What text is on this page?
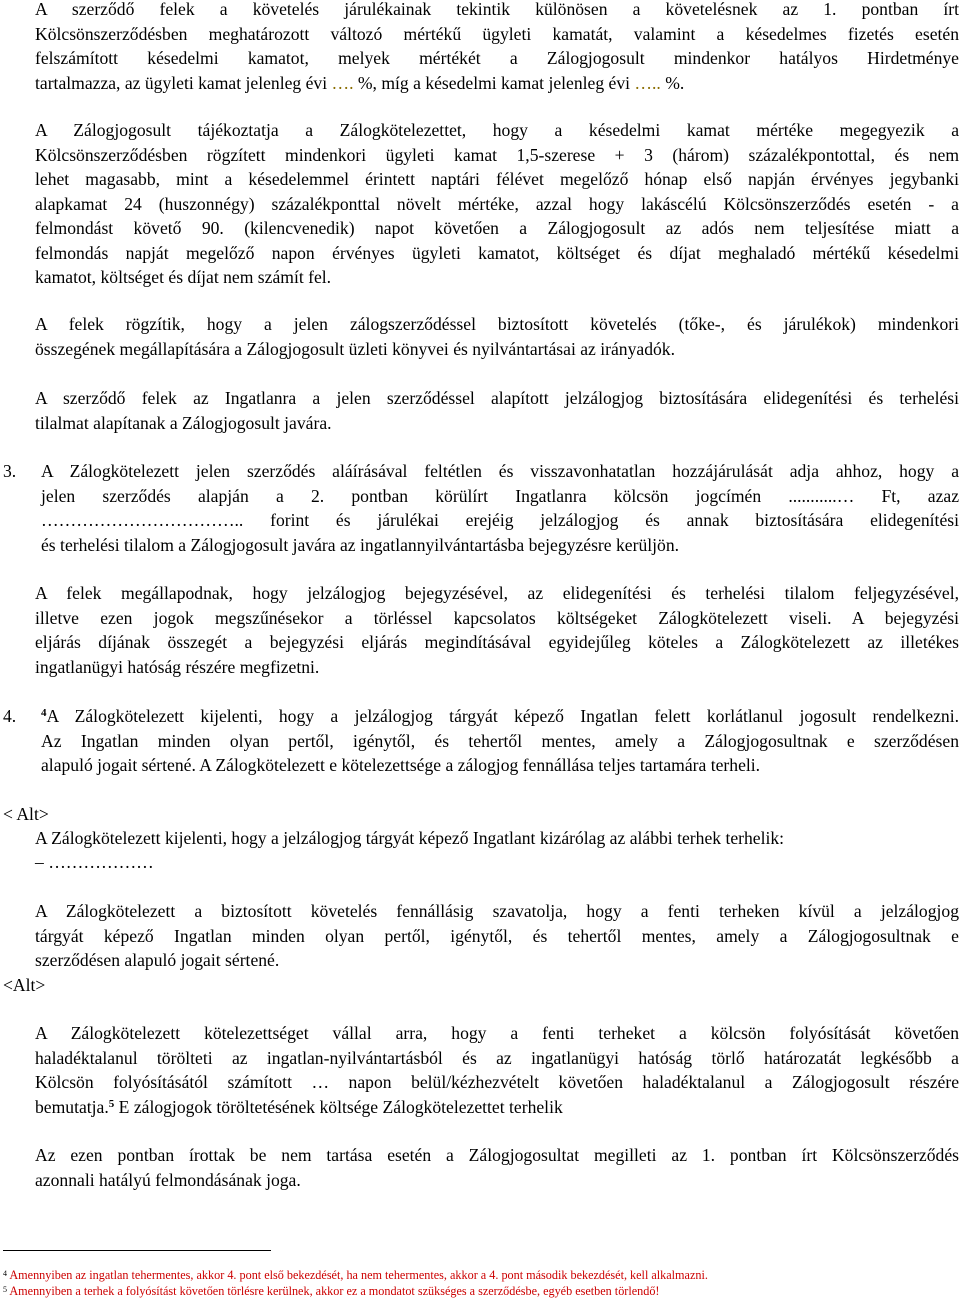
A szerződő felek a követelés járulékainak tekintik különösen a követelésnek az 1. pontban írt
Kölcsönszerződésben meghatározott változó mértékű ügyleti kamatát, valamint a késedelmes fizetés esetén
felszámított késedelmi kamatot, melyek mértékét a Zálogjogosult mindenkor hatályos Hirdetménye
tartalmazza, az ügyleti kamat jelenleg évi …. %, míg a késedelmi kamat jelenleg évi ….. %.
A Zálogjogosult tájékoztatja a Zálogkötelezettet, hogy a késedelmi kamat mértéke megegyezik a
Kölcsönszerződésben rögzített mindenkori ügyleti kamat 1,5-szerese + 3 (három) százalékpontottal, és nem
lehet magasabb, mint a késedelemmel érintett naptári félévet megelőző hónap első napján érvényes jegybanki
alapkamat 24 (huszonnégy) százalékponttal növelt mértéke, azzal hogy lakáscélú Kölcsönszerződés esetén - a
felmondást követő 90. (kilencvenedik) napot követően a Zálogjogosult az adós nem teljesítése miatt a
felmondás napját megelőző napon érvényes ügyleti kamatot, költséget és díjat meghaladó mértékű késedelmi
kamatot, költséget és díjat nem számít fel.
A felek rögzítik, hogy a jelen zálogszerződéssel biztosított követelés (tőke-, és járulékok) mindenkori
összegének megállapítására a Zálogjogosult üzleti könyvei és nyilvántartásai az irányadók.
A szerződő felek az Ingatlanra a jelen szerződéssel alapított jelzálogjog biztosítására elidegenítési és terhelési
tilalmat alapítanak a Zálogjogosult javára.
3. A Zálogkötelezett jelen szerződés aláírásával feltétlen és visszavonhatatlan hozzájárulását adja ahhoz, hogy a
jelen szerződés alapján a 2. pontban körülírt Ingatlanra kölcsön jogcímén ...........… Ft, azaz
…………………………….. forint és járulékai erejéig jelzálogjog és annak biztosítására elidegenítési
és terhelési tilalom a Zálogjogosult javára az ingatlannyilvántartásba bejegyzésre kerüljön.
A felek megállapodnak, hogy jelzálogjog bejegyzésével, az elidegenítési és terhelési tilalom feljegyzésével,
illetve ezen jogok megszűnésekor a törléssel kapcsolatos költségeket Zálogkötelezett viseli. A bejegyzési
eljárás díjának összegét a bejegyzési eljárás megindításával egyidejűleg köteles a Zálogkötelezett az illetékes
ingatlanügyi hatóság részére megfizetni.
4. $^4$A Zálogkötelezett kijelenti, hogy a jelzálogjog tárgyát képező Ingatlan felett korlátlanul jogosult rendelkezni.
Az Ingatlan minden olyan pertől, igénytől, és tehertől mentes, amely a Zálogjogosultnak e szerződésen
alapuló jogait sértené. A Zálogkötelezett e kötelezettsége a zálogjog fennállása teljes tartamára terheli.
< Alt>
A Zálogkötelezett kijelenti, hogy a jelzálogjog tárgyát képező Ingatlant kizárólag az alábbi terhek terhelik:
– ………………
A Zálogkötelezett a biztosított követelés fennállásig szavatolja, hogy a fenti terheken kívül a jelzálogjog
tárgyát képező Ingatlan minden olyan pertől, igénytől, és tehertől mentes, amely a Zálogjogosultnak e
szerződésen alapuló jogait sértené.
<Alt>
A Zálogkötelezett kötelezettséget vállal arra, hogy a fenti terheket a kölcsön folyósítását követően
haladéktalanul törölteti az ingatlan-nyilvántartásból és az ingatlanügyi hatóság törlő határozatát legkésőbb a
Kölcsön folyósításától számított … napon belül/kézhezvételt követően haladéktalanul a Zálogjogosult részére
bemutatja.$^5$ E zálogjogok töröltetésének költsége Zálogkötelezettet terhelik
Az ezen pontban írottak be nem tartása esetén a Zálogjogosultat megilleti az 1. pontban írt Kölcsönszerződés
azonnali hatályú felmondásának joga.
$^4$ Amennyiben az ingatlan tehermentes, akkor 4. pont első bekezdését, ha nem tehermentes, akkor a 4. pont második bekezdését, kell alkalmazni.
$^5$ Amennyiben a terhek a folyósítást követően törlésre kerülnek, akkor ez a mondatot szükséges a szerződésbe, egyéb esetben törlendő!
